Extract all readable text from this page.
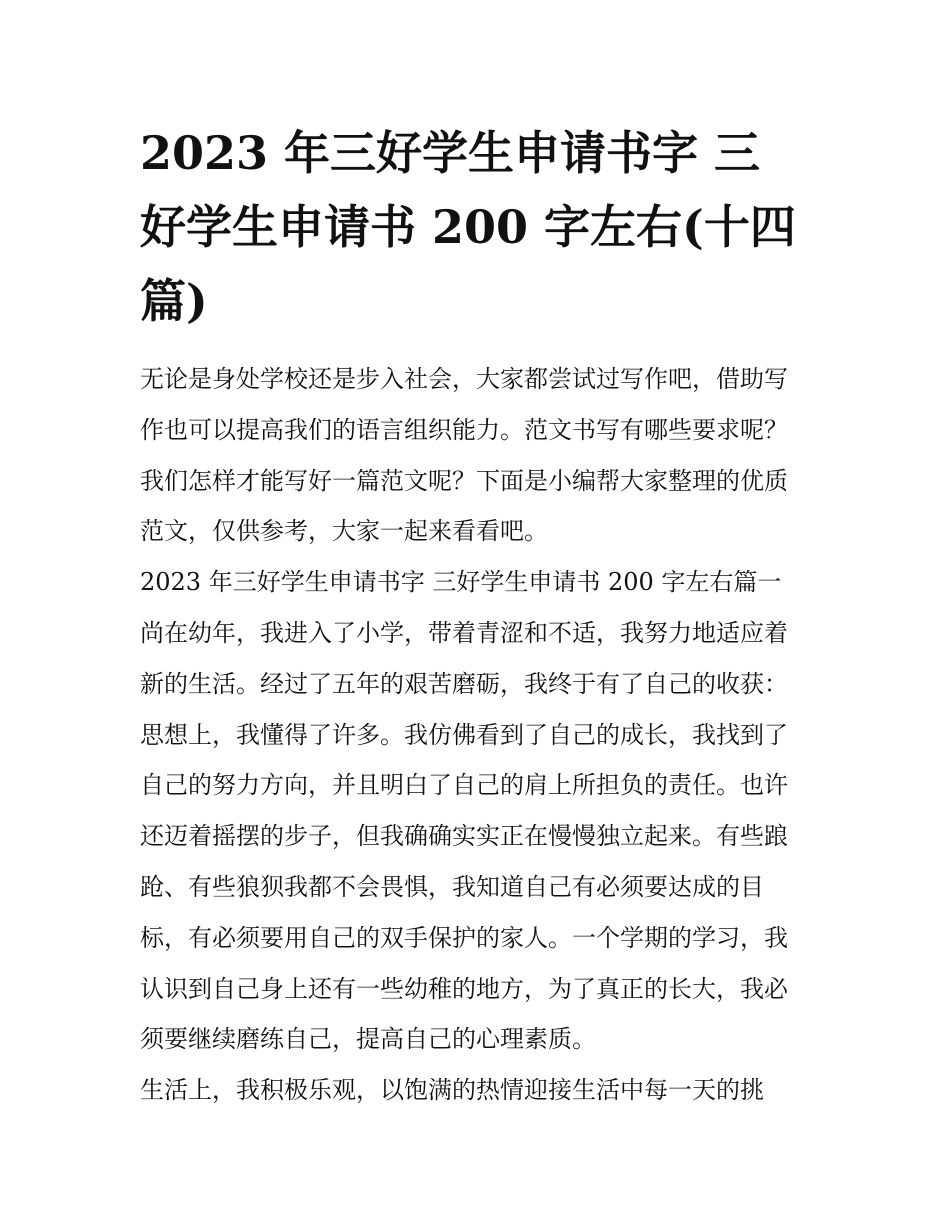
2023 年三好学生申请书字 三
好学生申请书 200 字左右(十四
篇)
无论是身处学校还是步入社会，大家都尝试过写作吧，借助写
作也可以提高我们的语言组织能力。范文书写有哪些要求呢？
我们怎样才能写好一篇范文呢？下面是小编帮大家整理的优质
范文，仅供参考，大家一起来看看吧。
2023 年三好学生申请书字 三好学生申请书 200 字左右篇一
尚在幼年，我进入了小学，带着青涩和不适，我努力地适应着
新的生活。经过了五年的艰苦磨砺，我终于有了自己的收获：
思想上，我懂得了许多。我仿佛看到了自己的成长，我找到了
自己的努力方向，并且明白了自己的肩上所担负的责任。也许
还迈着摇摆的步子，但我确确实实正在慢慢独立起来。有些踉
跄、有些狼狈我都不会畏惧，我知道自己有必须要达成的目
标，有必须要用自己的双手保护的家人。一个学期的学习，我
认识到自己身上还有一些幼稚的地方，为了真正的长大，我必
须要继续磨练自己，提高自己的心理素质。
生活上，我积极乐观，以饱满的热情迎接生活中每一天的挑
